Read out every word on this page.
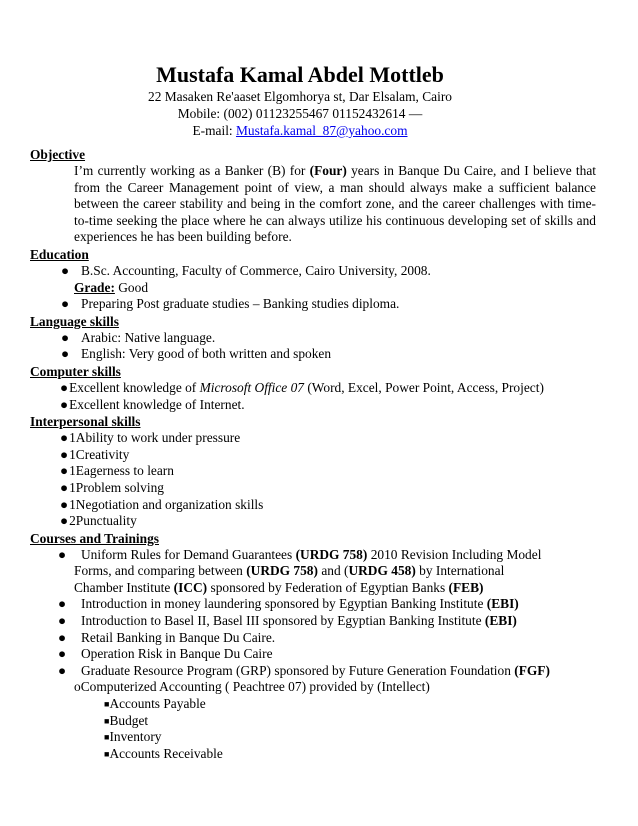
Mustafa Kamal Abdel Mottleb
22 Masaken Re'aaset Elgomhorya st, Dar Elsalam, Cairo
Mobile: (002) 01123255467 01152432614 —
E-mail: Mustafa.kamal_87@yahoo.com
Objective
I’m currently working as a Banker (B) for (Four) years in Banque Du Caire, and I believe that from the Career Management point of view, a man should always make a sufficient balance between the career stability and being in the comfort zone, and the career challenges with time-to-time seeking the place where he can always utilize his continuous developing set of skills and experiences he has been building before.
Education
● B.Sc. Accounting, Faculty of Commerce, Cairo University, 2008.
Grade: Good
● Preparing Post graduate studies – Banking studies diploma.
Language skills
● Arabic: Native language.
● English: Very good of both written and spoken
Computer skills
●Excellent knowledge of Microsoft Office 07 (Word, Excel, Power Point, Access, Project)
●Excellent knowledge of Internet.
Interpersonal skills
●1Ability to work under pressure
●1Creativity
●1Eagerness to learn
●1Problem solving
●1Negotiation and organization skills
●2Punctuality
Courses and Trainings
● Uniform Rules for Demand Guarantees (URDG 758) 2010 Revision Including Model
Forms, and comparing between (URDG 758) and (URDG 458) by International
Chamber Institute (ICC) sponsored by Federation of Egyptian Banks (FEB)
● Introduction in money laundering sponsored by Egyptian Banking Institute (EBI)
● Introduction to Basel II, Basel III sponsored by Egyptian Banking Institute (EBI)
● Retail Banking in Banque Du Caire.
● Operation Risk in Banque Du Caire
● Graduate Resource Program (GRP) sponsored by Future Generation Foundation (FGF)
oComputerized Accounting ( Peachtree 07) provided by (Intellect)
■Accounts Payable
■Budget
■Inventory
■Accounts Receivable
